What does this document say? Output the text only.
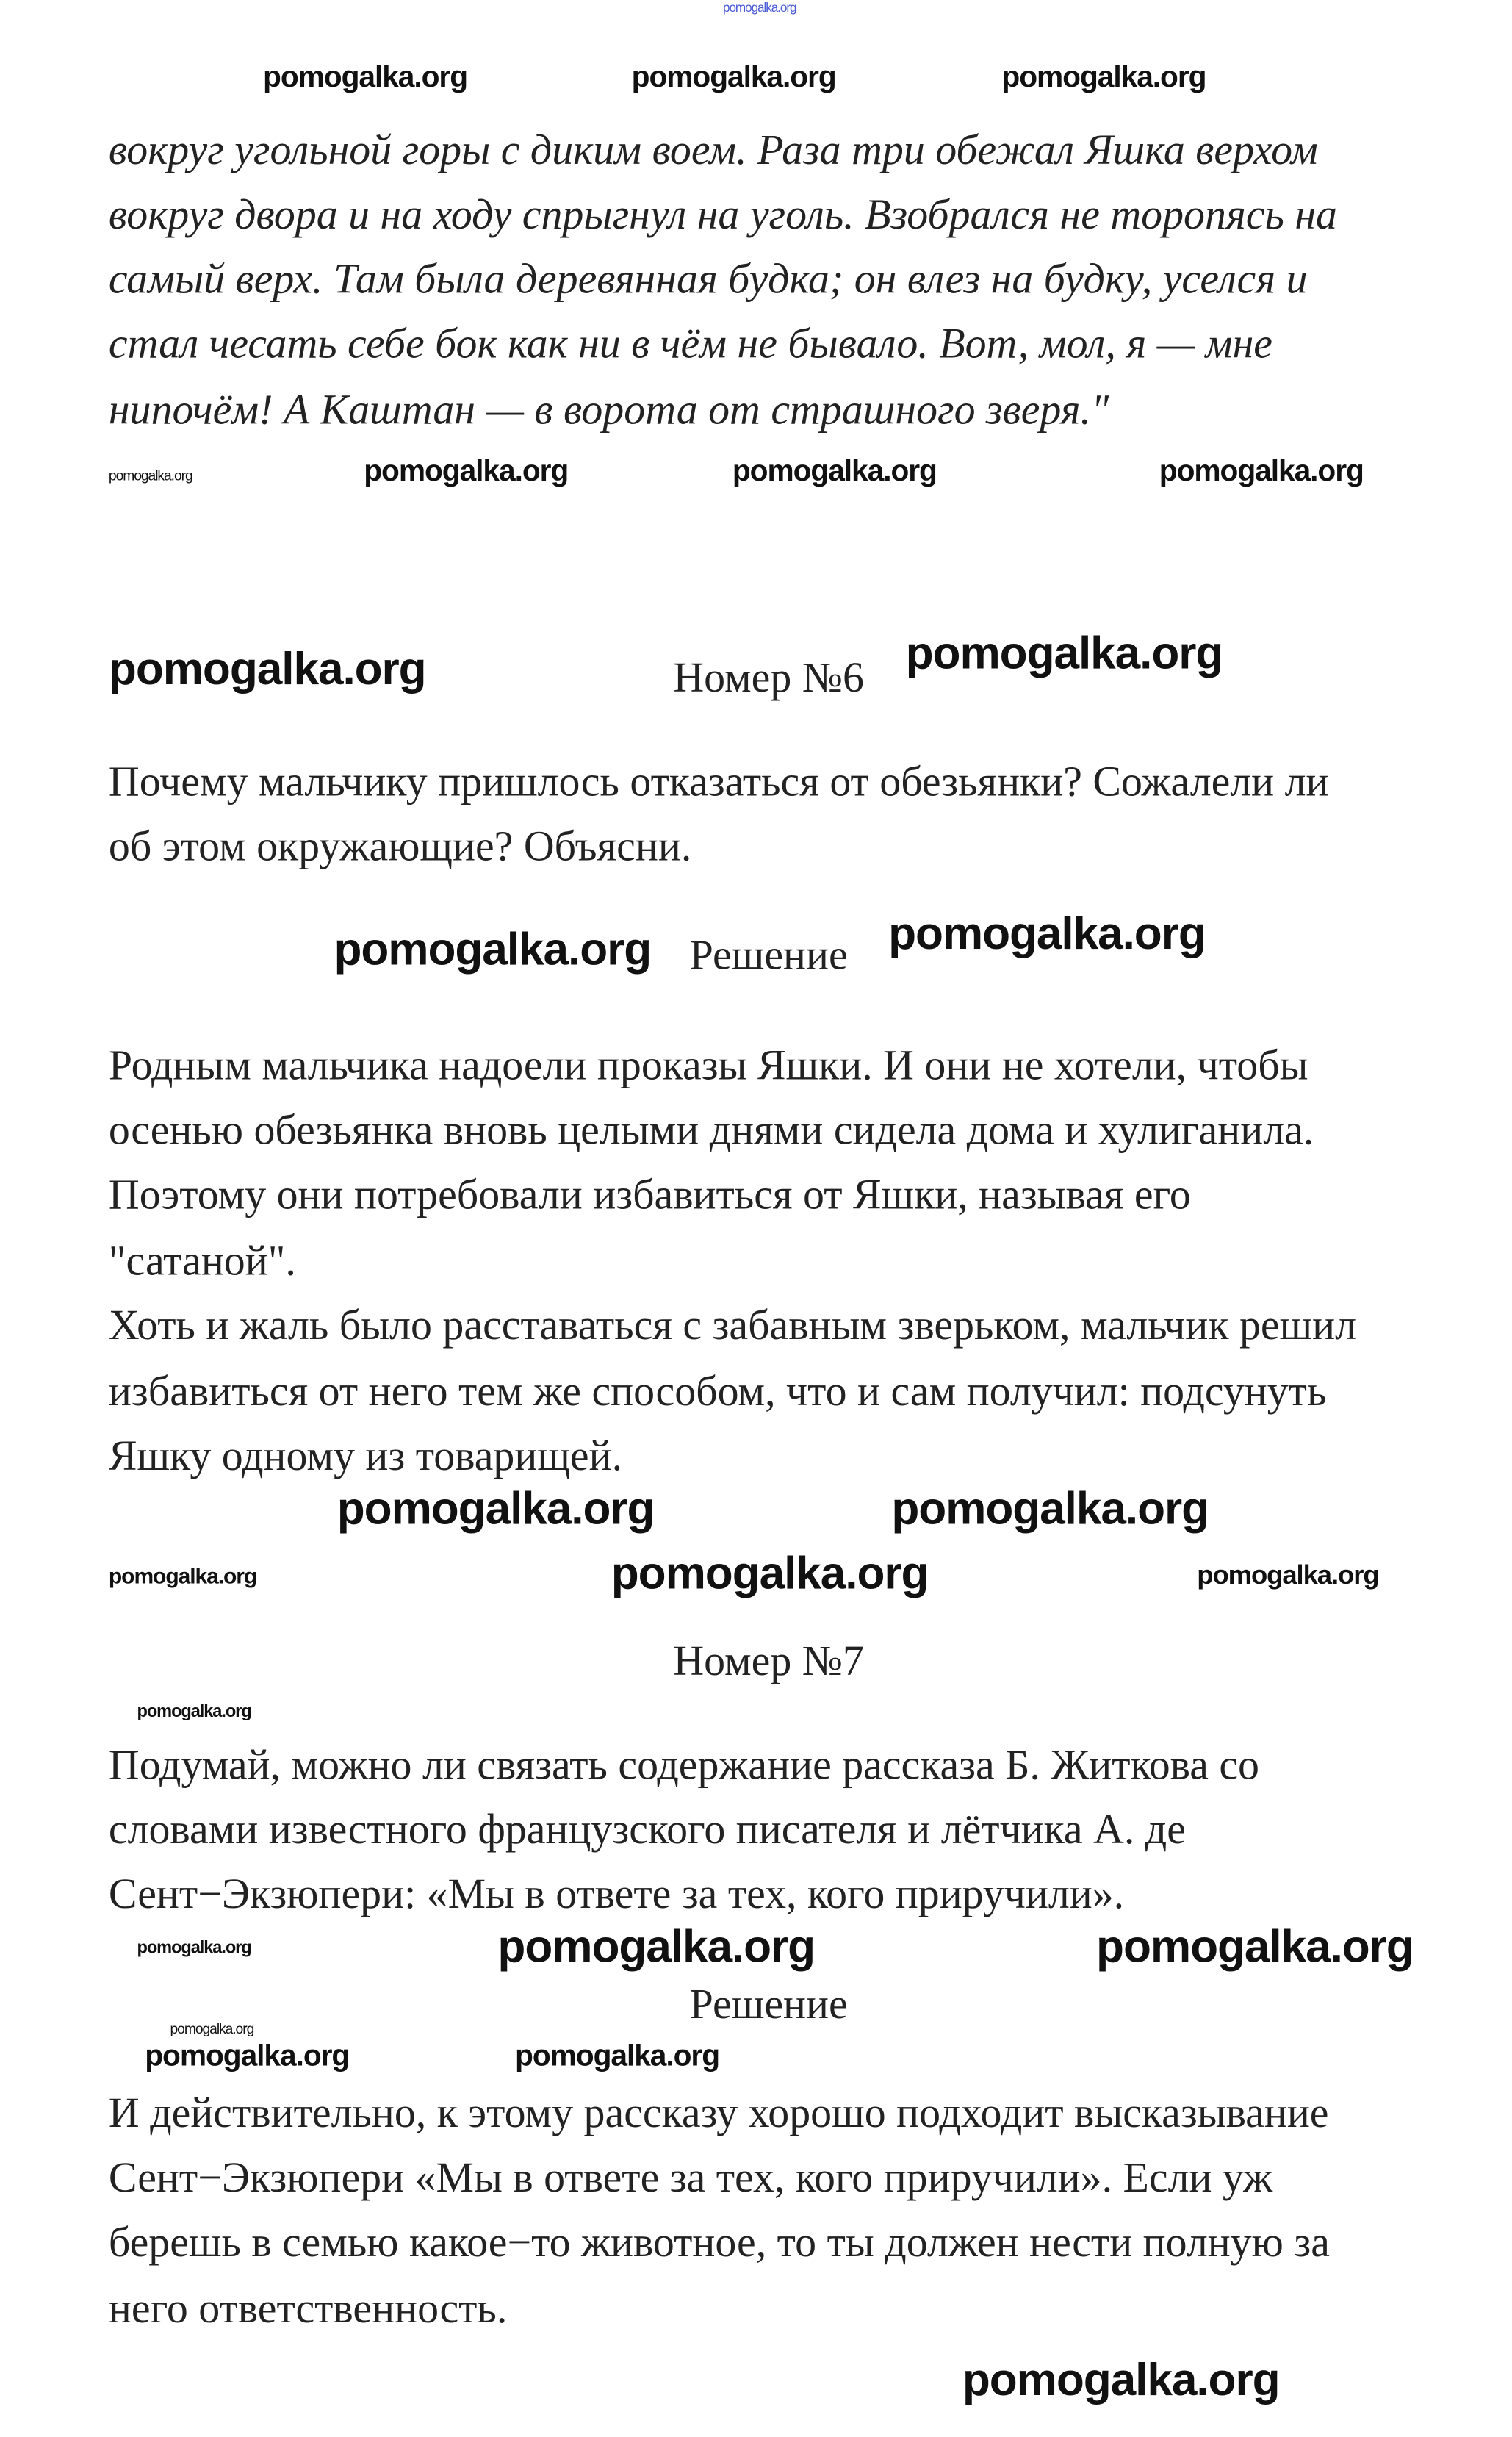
вокруг угольной горы с диким воем. Раза три обежал Яшка верхом
вокруг двора и на ходу спрыгнул на уголь. Взобрался не торопясь на
самый верх. Там была деревянная будка; он влез на будку, уселся и
стал чесать себе бок как ни в чём не бывало. Вот, мол, я — мне
нипочём! А Каштан — в ворота от страшного зверя."
Номер №6
Почему мальчику пришлось отказаться от обезьянки? Сожалели ли
об этом окружающие? Объясни.
Решение
Родным мальчика надоели проказы Яшки. И они не хотели, чтобы
осенью обезьянка вновь целыми днями сидела дома и хулиганила.
Поэтому они потребовали избавиться от Яшки, называя его
"сатаной".
Хоть и жаль было расставаться с забавным зверьком, мальчик решил
избавиться от него тем же способом, что и сам получил: подсунуть
Яшку одному из товарищей.
Номер №7
Подумай, можно ли связать содержание рассказа Б. Житкова со
словами известного французского писателя и лётчика А. де
Сент−Экзюпери: «Мы в ответе за тех, кого приручили».
Решение
И действительно, к этому рассказу хорошо подходит высказывание
Сент−Экзюпери «Мы в ответе за тех, кого приручили». Если уж
берешь в семью какое−то животное, то ты должен нести полную за
него ответственность.
pomogalka.org
pomogalka.org	pomogalka.org	pomogalka.org
pomogalka.org	pomogalka.org	pomogalka.org	pomogalka.org
pomogalka.org	pomogalka.org
pomogalka.org	pomogalka.org
pomogalka.org	pomogalka.org	pomogalka.org
pomogalka.org	pomogalka.org
pomogalka.org
pomogalka.org	pomogalka.org	pomogalka.org
pomogalka.org
pomogalka.org	pomogalka.org
pomogalka.org
